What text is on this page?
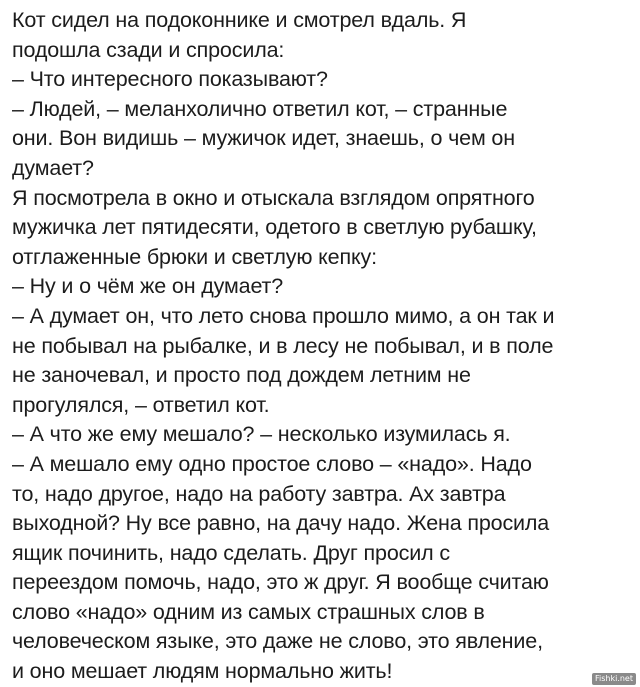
Кот сидел на подоконнике и смотрел вдаль. Я
подошла сзади и спросила:
– Что интересного показывают?
– Людей, – меланхолично ответил кот, – странные
они. Вон видишь – мужичок идет, знаешь, о чем он
думает?
Я посмотрела в окно и отыскала взглядом опрятного
мужичка лет пятидесяти, одетого в светлую рубашку,
отглаженные брюки и светлую кепку:
– Ну и о чём же он думает?
– А думает он, что лето снова прошло мимо, а он так и
не побывал на рыбалке, и в лесу не побывал, и в поле
не заночевал, и просто под дождем летним не
прогулялся, – ответил кот.
– А что же ему мешало? – несколько изумилась я.
– А мешало ему одно простое слово – «надо». Надо
то, надо другое, надо на работу завтра. Ах завтра
выходной? Ну все равно, на дачу надо. Жена просила
ящик починить, надо сделать. Друг просил с
переездом помочь, надо, это ж друг. Я вообще считаю
слово «надо» одним из самых страшных слов в
человеческом языке, это даже не слово, это явление,
и оно мешает людям нормально жить!	Fishki.net
